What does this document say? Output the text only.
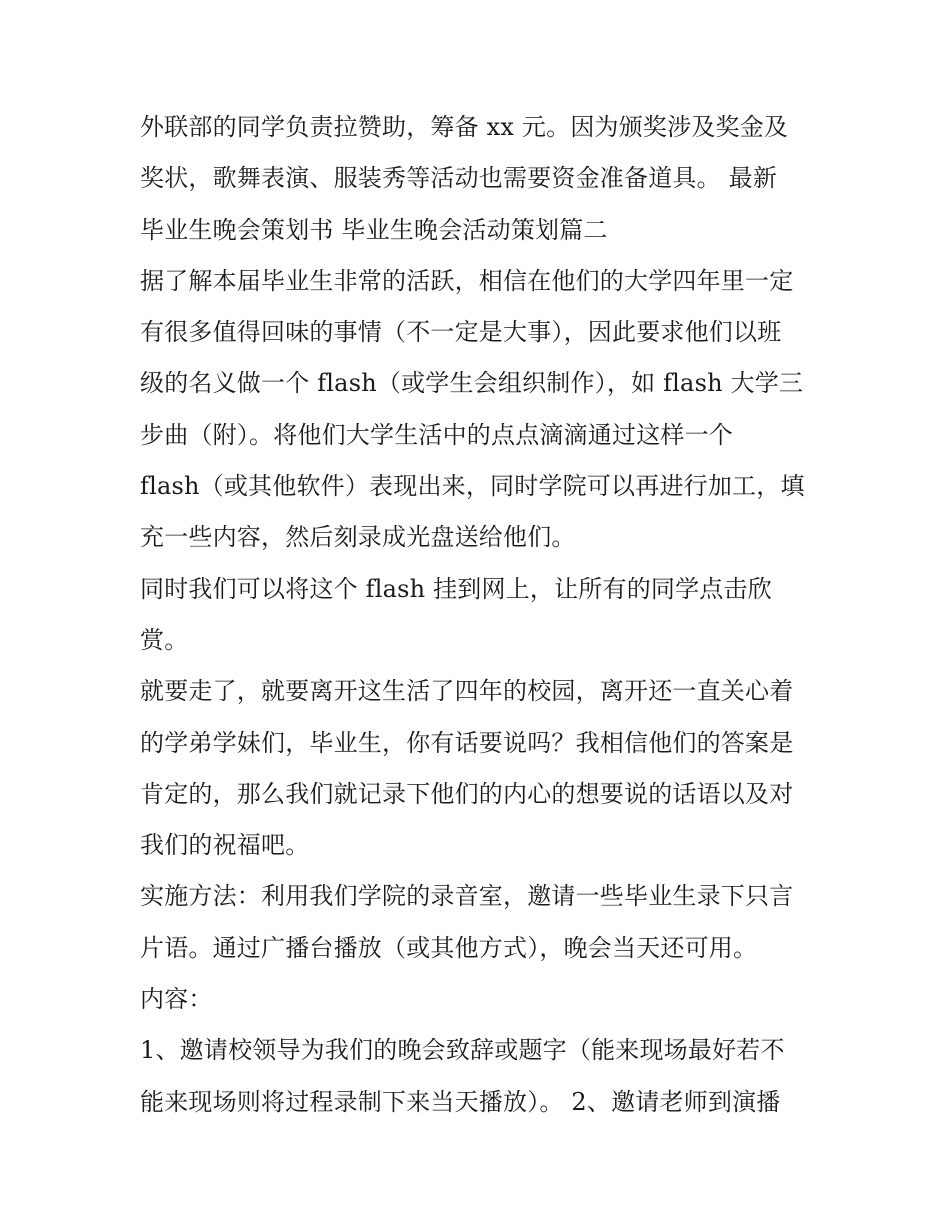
外联部的同学负责拉赞助，筹备 xx 元。因为颁奖涉及奖金及
奖状，歌舞表演、服装秀等活动也需要资金准备道具。 最新
毕业生晚会策划书 毕业生晚会活动策划篇二
据了解本届毕业生非常的活跃，相信在他们的大学四年里一定
有很多值得回味的事情（不一定是大事），因此要求他们以班
级的名义做一个 flash（或学生会组织制作），如 flash 大学三
步曲（附）。将他们大学生活中的点点滴滴通过这样一个
flash（或其他软件）表现出来，同时学院可以再进行加工，填
充一些内容，然后刻录成光盘送给他们。
同时我们可以将这个 flash 挂到网上，让所有的同学点击欣
赏。
就要走了，就要离开这生活了四年的校园，离开还一直关心着
的学弟学妹们，毕业生，你有话要说吗？我相信他们的答案是
肯定的，那么我们就记录下他们的内心的想要说的话语以及对
我们的祝福吧。
实施方法：利用我们学院的录音室，邀请一些毕业生录下只言
片语。通过广播台播放（或其他方式），晚会当天还可用。
内容：
1、邀请校领导为我们的晚会致辞或题字（能来现场最好若不
能来现场则将过程录制下来当天播放）。 2、邀请老师到演播
